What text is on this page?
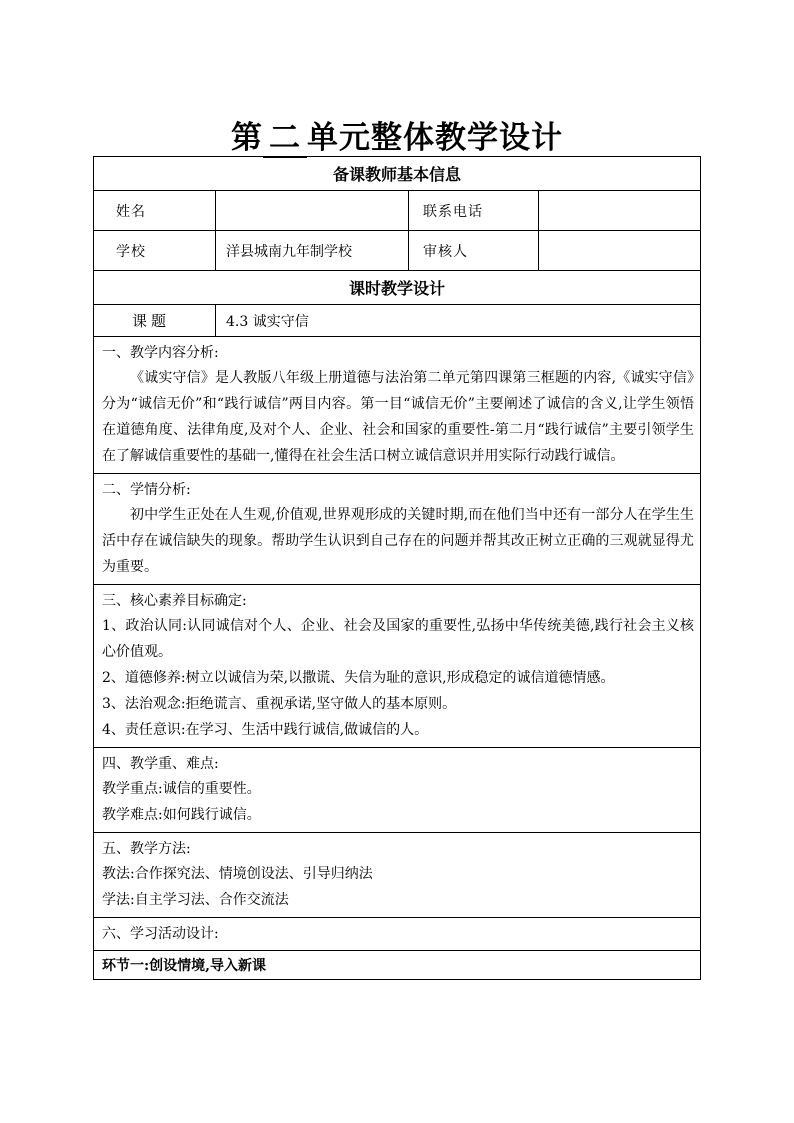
第 二 单元整体教学设计
备课教师基本信息			
姓名		联系电话	
学校	洋县城南九年制学校	审核人	
课时教学设计			
课题	4.3 诚实守信		

一、教学内容分析:

《诚实守信》是人教版八年级上册道德与法治第二单元第四课第三框题的内容,《诚实守信》分为“诚信无价”和“践行诚信”两目内容。第一目“诚信无价”主要阐述了诚信的含义,让学生领悟在道德角度、法律角度,及对个人、企业、社会和国家的重要性-第二月“践行诚信”主要引领学生在了解诚信重要性的基础一,懂得在社会生活口树立诚信意识并用实际行动践行诚信。			

二、学情分析:

初中学生正处在人生观,价值观,世界观形成的关键时期,而在他们当中还有一部分人在学生生活中存在诚信缺失的现象。帮助学生认识到自己存在的问题并帮其改正树立正确的三观就显得尤为重要。			

三、核心素养目标确定:

1、政治认同:认同诚信对个人、企业、社会及国家的重要性,弘扬中华传统美德,践行社会主义核心价值观。

2、道德修养:树立以诚信为荣,以撒谎、失信为耻的意识,形成稳定的诚信道德情感。

3、法治观念:拒绝谎言、重视承诺,坚守做人的基本原则。

4、责任意识:在学习、生活中践行诚信,做诚信的人。			

四、教学重、难点:

教学重点:诚信的重要性。

教学难点:如何践行诚信。			

五、教学方法:

教法:合作探究法、情境创设法、引导归纳法

学法:自主学习法、合作交流法			

六、学习活动设计:			

环节一:创设情境,导入新课			
